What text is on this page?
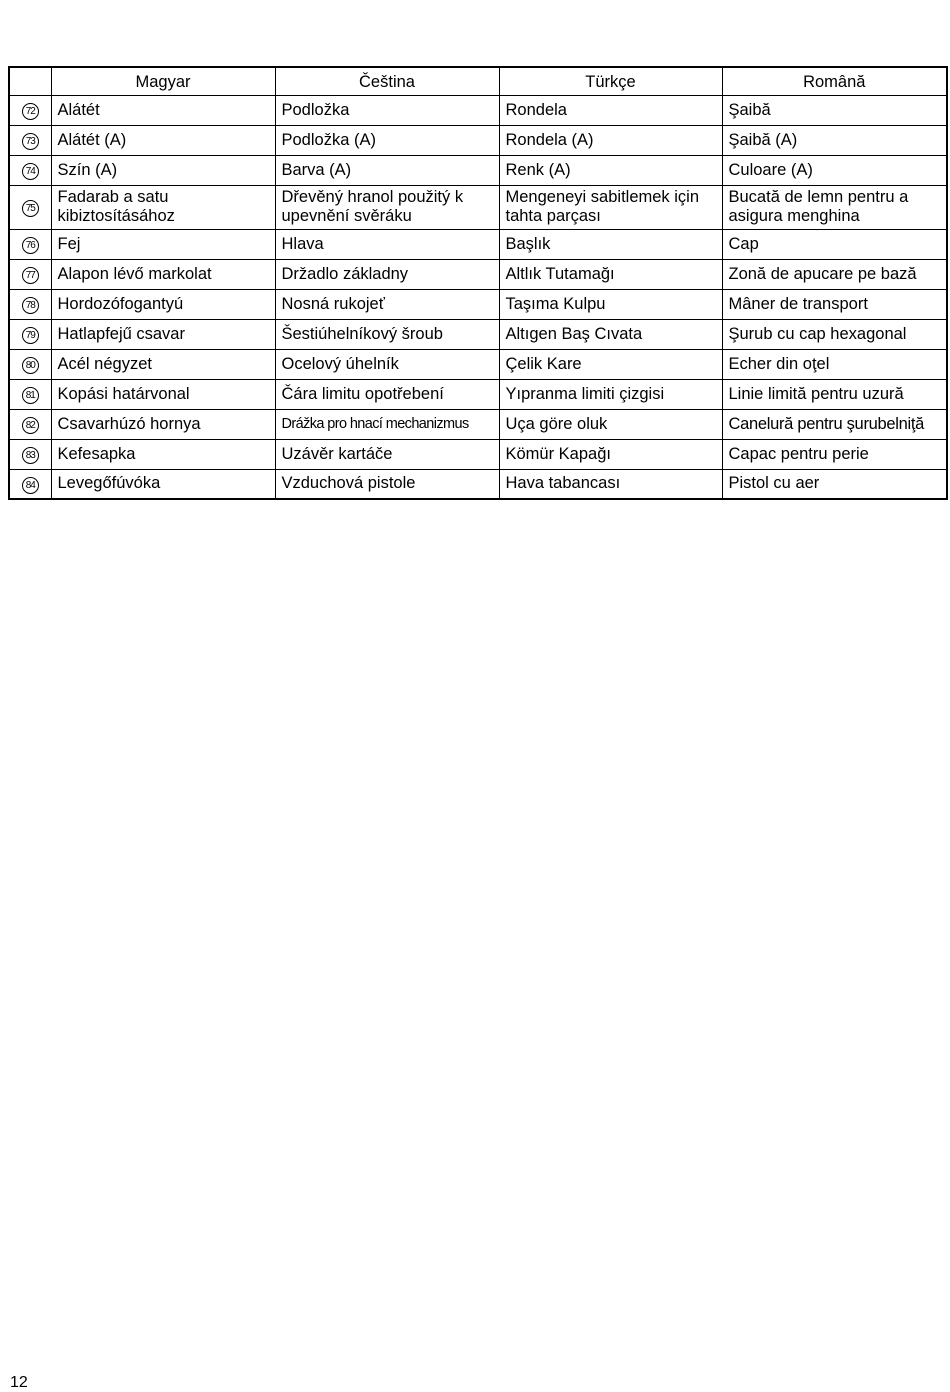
	Magyar	Čeština	Türkçe	Română
72	Alátét	Podložka	Rondela	Şaibă
73	Alátét (A)	Podložka (A)	Rondela (A)	Şaibă (A)
74	Szín (A)	Barva (A)	Renk (A)	Culoare (A)
75	Fadarab a satu kibiztosításához	Dřevěný hranol použitý k upevnění svěráku	Mengeneyi sabitlemek için tahta parçası	Bucată de lemn pentru a asigura menghina
76	Fej	Hlava	Başlık	Cap
77	Alapon lévő markolat	Držadlo základny	Altlık Tutamağı	Zonă de apucare pe bază
78	Hordozófogantyú	Nosná rukojeť	Taşıma Kulpu	Mâner de transport
79	Hatlapfejű csavar	Šestiúhelníkový šroub	Altıgen Baş Cıvata	Şurub cu cap hexagonal
80	Acél négyzet	Ocelový úhelník	Çelik Kare	Echer din oţel
81	Kopási határvonal	Čára limitu opotřebení	Yıpranma limiti çizgisi	Linie limită pentru uzură
82	Csavarhúzó hornya	Drážka pro hnací mechanizmus	Uça göre oluk	Canelură pentru şurubelniţă
83	Kefesapka	Uzávěr kartáče	Kömür Kapağı	Capac pentru perie
84	Levegőfúvóka	Vzduchová pistole	Hava tabancası	Pistol cu aer
12
